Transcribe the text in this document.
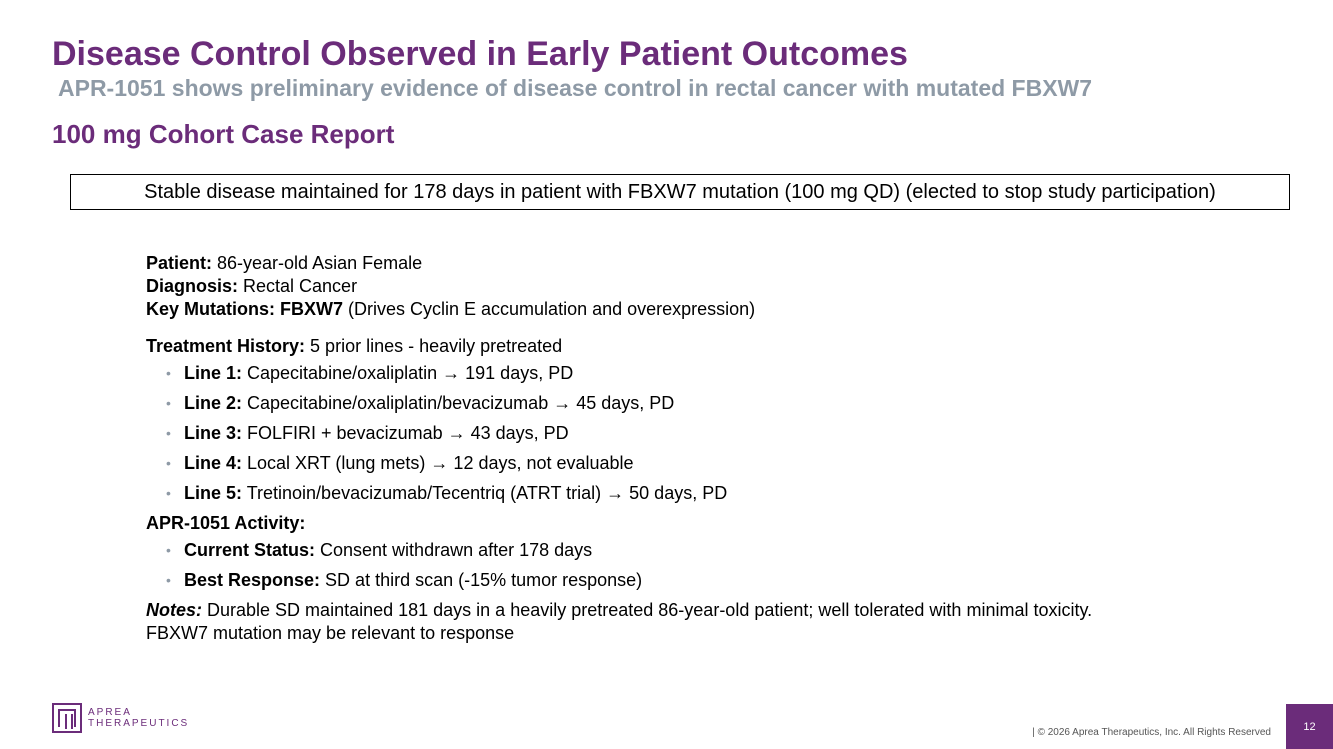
Disease Control Observed in Early Patient Outcomes
APR-1051 shows preliminary evidence of disease control in rectal cancer with mutated FBXW7
100 mg Cohort Case Report
Stable disease maintained for 178 days in patient with FBXW7 mutation (100 mg QD) (elected to stop study participation)
Patient: 86-year-old Asian Female
Diagnosis: Rectal Cancer
Key Mutations: FBXW7 (Drives Cyclin E accumulation and overexpression)
Treatment History: 5 prior lines - heavily pretreated
• Line 1: Capecitabine/oxaliplatin → 191 days, PD
• Line 2: Capecitabine/oxaliplatin/bevacizumab → 45 days, PD
• Line 3: FOLFIRI + bevacizumab → 43 days, PD
• Line 4: Local XRT (lung mets) → 12 days, not evaluable
• Line 5: Tretinoin/bevacizumab/Tecentriq (ATRT trial) → 50 days, PD
APR-1051 Activity:
• Current Status: Consent withdrawn after 178 days
• Best Response: SD at third scan (-15% tumor response)
Notes: Durable SD maintained 181 days in a heavily pretreated 86-year-old patient; well tolerated with minimal toxicity.
FBXW7 mutation may be relevant to response
APREA
THERAPEUTICS
| © 2026 Aprea Therapeutics, Inc. All Rights Reserved	12
